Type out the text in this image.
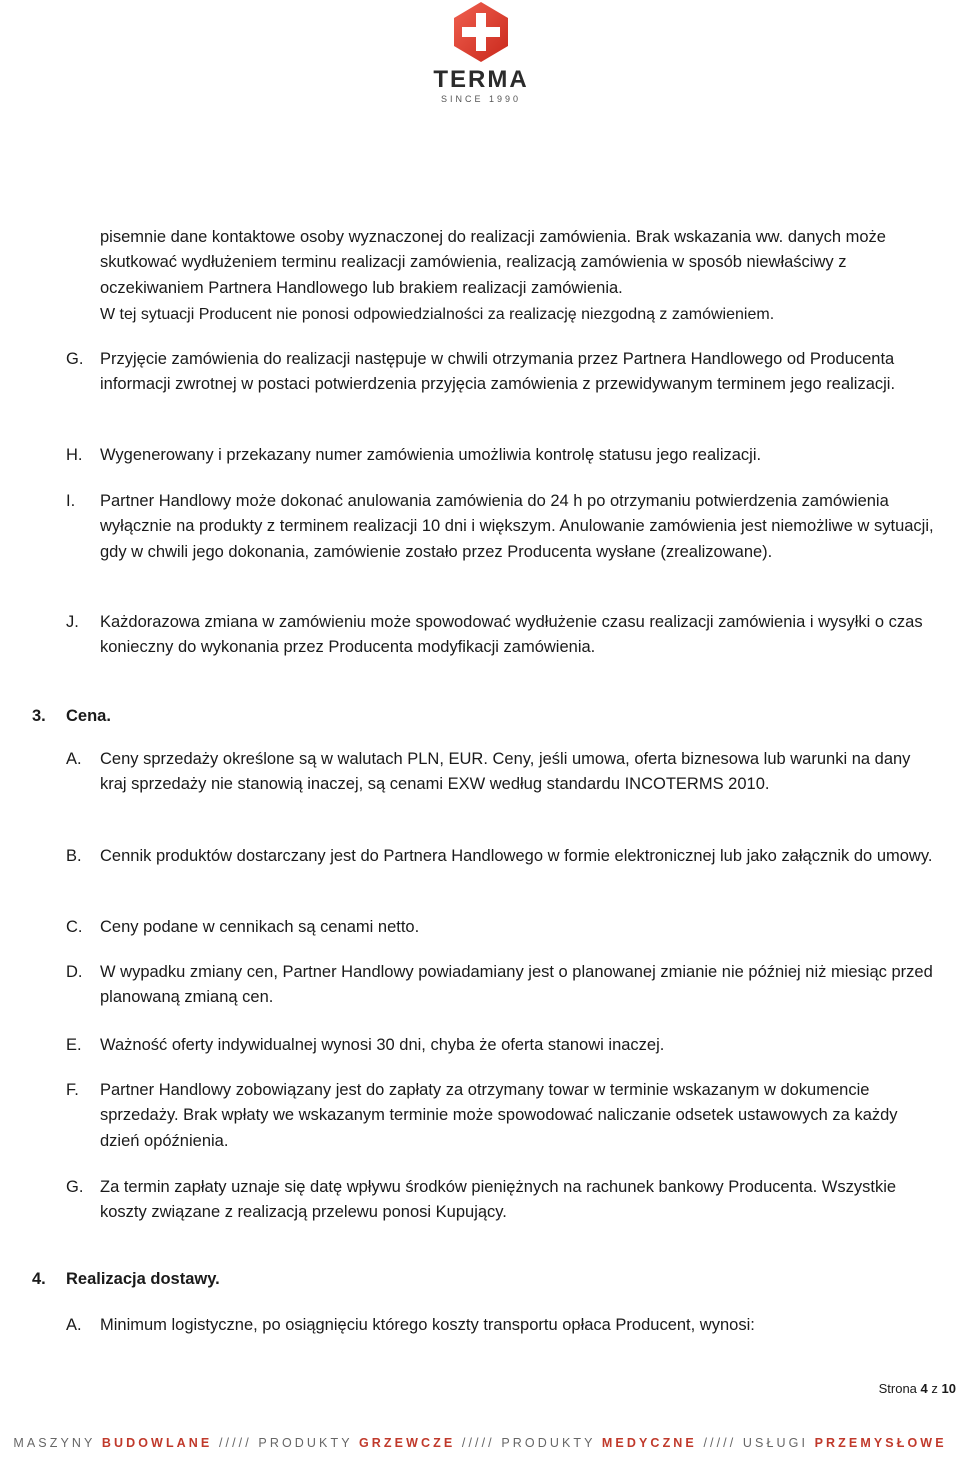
TERMA
SINCE 1990

pisemnie dane kontaktowe osoby wyznaczonej do realizacji zamówienia. Brak wskazania ww. danych może skutkować wydłużeniem terminu realizacji zamówienia, realizacją zamówienia w sposób niewłaściwy z oczekiwaniem Partnera Handlowego lub brakiem realizacji zamówienia.

W tej sytuacji Producent nie ponosi odpowiedzialności za realizację niezgodną z zamówieniem.

G. Przyjęcie zamówienia do realizacji następuje w chwili otrzymania przez Partnera Handlowego od Producenta informacji zwrotnej w postaci potwierdzenia przyjęcia zamówienia z przewidywanym terminem jego realizacji.
H. Wygenerowany i przekazany numer zamówienia umożliwia kontrolę statusu jego realizacji.
I. Partner Handlowy może dokonać anulowania zamówienia do 24 h po otrzymaniu potwierdzenia zamówienia wyłącznie na produkty z terminem realizacji 10 dni i większym. Anulowanie zamówienia jest niemożliwe w sytuacji, gdy w chwili jego dokonania, zamówienie zostało przez Producenta wysłane (zrealizowane).
J. Każdorazowa zmiana w zamówieniu może spowodować wydłużenie czasu realizacji zamówienia i wysyłki o czas konieczny do wykonania przez Producenta modyfikacji zamówienia.
3. Cena.
A. Ceny sprzedaży określone są w walutach PLN, EUR. Ceny, jeśli umowa, oferta biznesowa lub warunki na dany kraj sprzedaży nie stanowią inaczej, są cenami EXW według standardu INCOTERMS 2010.
B. Cennik produktów dostarczany jest do Partnera Handlowego w formie elektronicznej lub jako załącznik do umowy.
C. Ceny podane w cennikach są cenami netto.
D. W wypadku zmiany cen, Partner Handlowy powiadamiany jest o planowanej zmianie nie później niż miesiąc przed planowaną zmianą cen.
E. Ważność oferty indywidualnej wynosi 30 dni, chyba że oferta stanowi inaczej.
F. Partner Handlowy zobowiązany jest do zapłaty za otrzymany towar w terminie wskazanym w dokumencie sprzedaży. Brak wpłaty we wskazanym terminie może spowodować naliczanie odsetek ustawowych za każdy dzień opóźnienia.
G. Za termin zapłaty uznaje się datę wpływu środków pieniężnych na rachunek bankowy Producenta. Wszystkie koszty związane z realizacją przelewu ponosi Kupujący.
4. Realizacja dostawy.
A. Minimum logistyczne, po osiągnięciu którego koszty transportu opłaca Producent, wynosi:
Strona 4 z 10
MASZYNY BUDOWLANE ///// PRODUKTY GRZEWCZE ///// PRODUKTY MEDYCZNE ///// USŁUGI PRZEMYSŁOWE
